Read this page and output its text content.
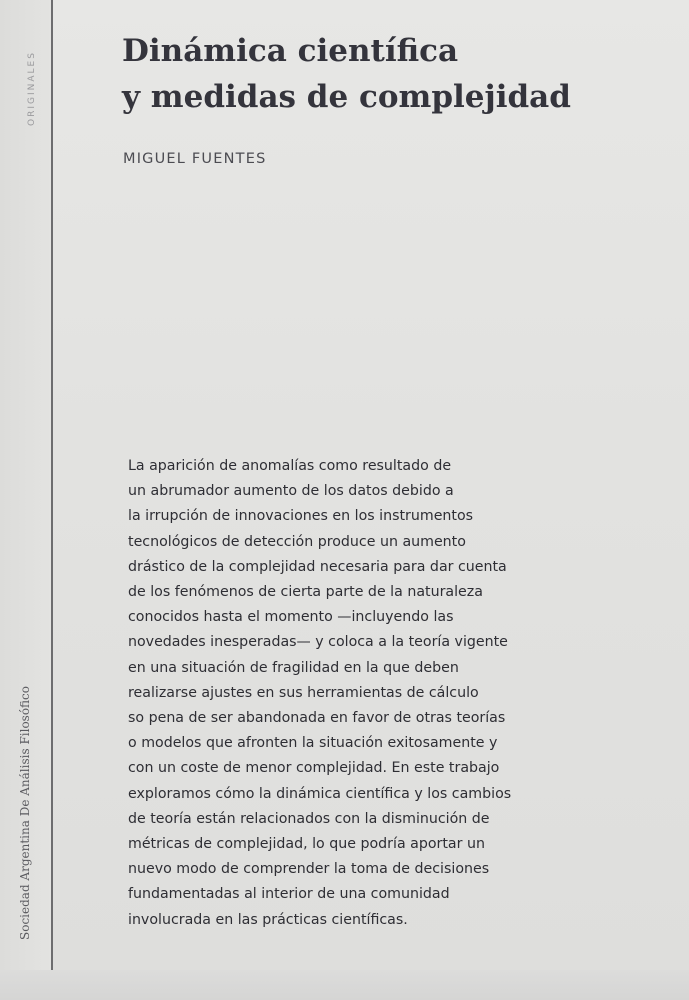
ORIGINALES
Sociedad Argentina De Análisis Filosófico
Dinámica científica
y medidas de complejidad
MIGUEL FUENTES

La aparición de anomalías como resultado de
un abrumador aumento de los datos debido a
la irrupción de innovaciones en los instrumentos
tecnológicos de detección produce un aumento
drástico de la complejidad necesaria para dar cuenta
de los fenómenos de cierta parte de la naturaleza
conocidos hasta el momento —incluyendo las
novedades inesperadas— y coloca a la teoría vigente
en una situación de fragilidad en la que deben
realizarse ajustes en sus herramientas de cálculo
so pena de ser abandonada en favor de otras teorías
o modelos que afronten la situación exitosamente y
con un coste de menor complejidad. En este trabajo
exploramos cómo la dinámica científica y los cambios
de teoría están relacionados con la disminución de
métricas de complejidad, lo que podría aportar un
nuevo modo de comprender la toma de decisiones
fundamentadas al interior de una comunidad
involucrada en las prácticas científicas.
